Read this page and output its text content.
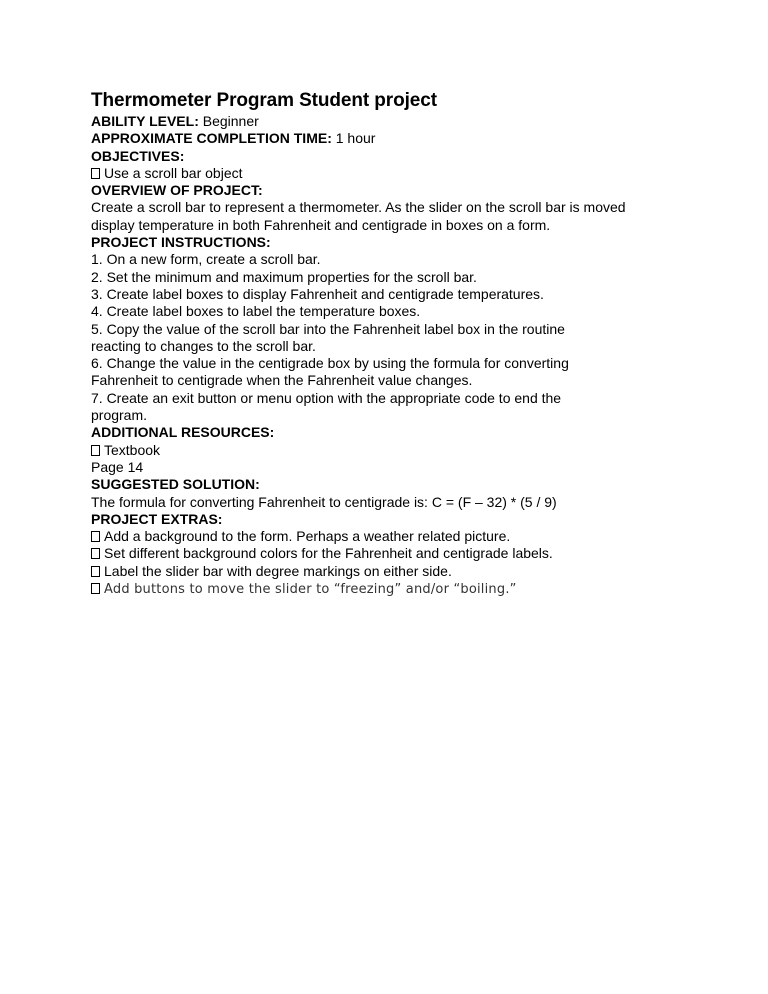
Thermometer Program Student project

ABILITY LEVEL: Beginner

APPROXIMATE COMPLETION TIME: 1 hour

OBJECTIVES:

Use a scroll bar object

OVERVIEW OF PROJECT:

Create a scroll bar to represent a thermometer. As the slider on the scroll bar is moved display temperature in both Fahrenheit and centigrade in boxes on a form.

PROJECT INSTRUCTIONS:

1. On a new form, create a scroll bar.

2. Set the minimum and maximum properties for the scroll bar.

3. Create label boxes to display Fahrenheit and centigrade temperatures.

4. Create label boxes to label the temperature boxes.

5. Copy the value of the scroll bar into the Fahrenheit label box in the routine reacting to changes to the scroll bar.

6. Change the value in the centigrade box by using the formula for converting Fahrenheit to centigrade when the Fahrenheit value changes.

7. Create an exit button or menu option with the appropriate code to end the program.

ADDITIONAL RESOURCES:

Textbook

Page 14

SUGGESTED SOLUTION:

The formula for converting Fahrenheit to centigrade is: C = (F – 32) * (5 / 9)

PROJECT EXTRAS:

Add a background to the form. Perhaps a weather related picture.

Set different background colors for the Fahrenheit and centigrade labels.

Label the slider bar with degree markings on either side.

Add buttons to move the slider to “freezing” and/or “boiling.”
